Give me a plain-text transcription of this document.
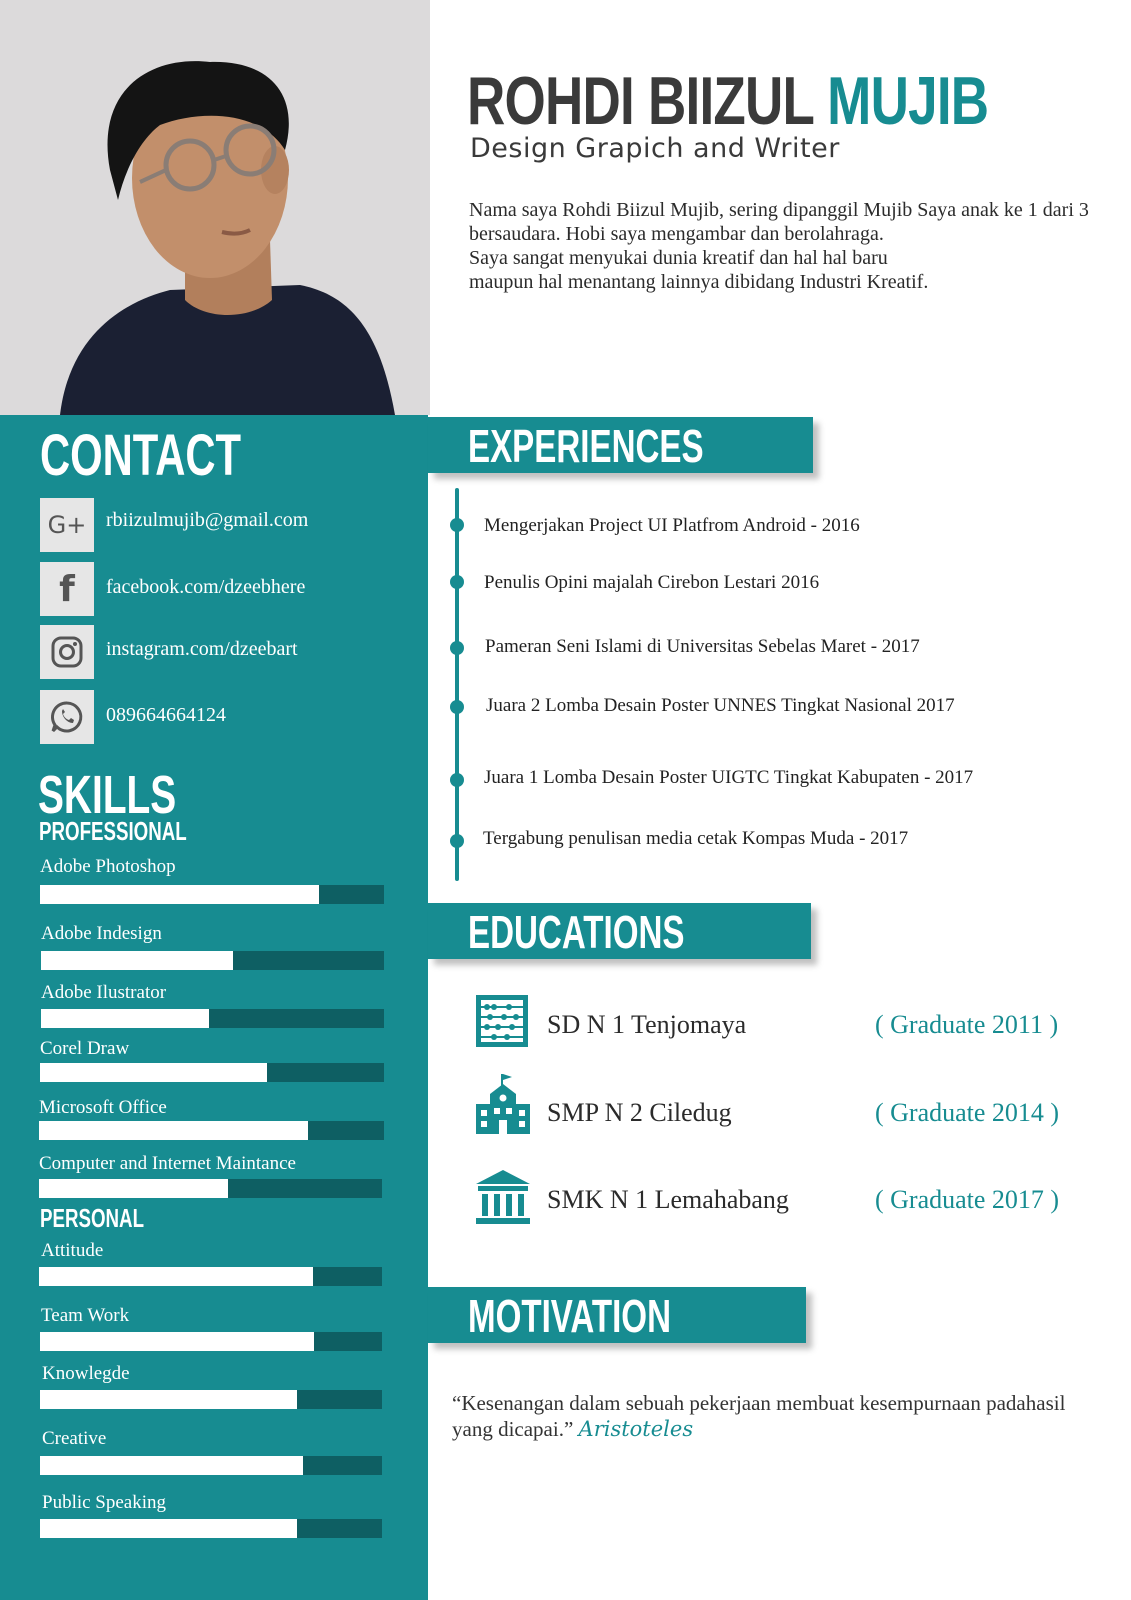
ROHDI BIIZUL MUJIB
Design Grapich and Writer
Nama saya Rohdi Biizul Mujib, sering dipanggil Mujib Saya anak ke 1 dari 3
bersaudara. Hobi saya mengambar dan berolahraga.
Saya sangat menyukai dunia kreatif dan hal hal baru
maupun hal menantang lainnya dibidang Industri Kreatif.
CONTACT
G+ rbiizulmujib@gmail.com
f facebook.com/dzeebhere
instagram.com/dzeebart
089664664124
SKILLS
PROFESSIONAL
Adobe Photoshop
Adobe Indesign
Adobe Ilustrator
Corel Draw
Microsoft Office
Computer and Internet Maintance
PERSONAL
Attitude
Team Work
Knowlegde
Creative
Public Speaking
EXPERIENCES
Mengerjakan Project UI Platfrom Android - 2016
Penulis Opini majalah Cirebon Lestari 2016
Pameran Seni Islami di Universitas Sebelas Maret - 2017
Juara 2 Lomba Desain Poster UNNES Tingkat Nasional 2017
Juara 1 Lomba Desain Poster UIGTC Tingkat Kabupaten - 2017
Tergabung penulisan media cetak Kompas Muda - 2017
EDUCATIONS
SD N 1 Tenjomaya	( Graduate 2011 )
SMP N 2 Ciledug	( Graduate 2014 )
SMK N 1 Lemahabang	( Graduate 2017 )
MOTIVATION
“Kesenangan dalam sebuah pekerjaan membuat kesempurnaan padahasil yang dicapai.” Aristoteles
